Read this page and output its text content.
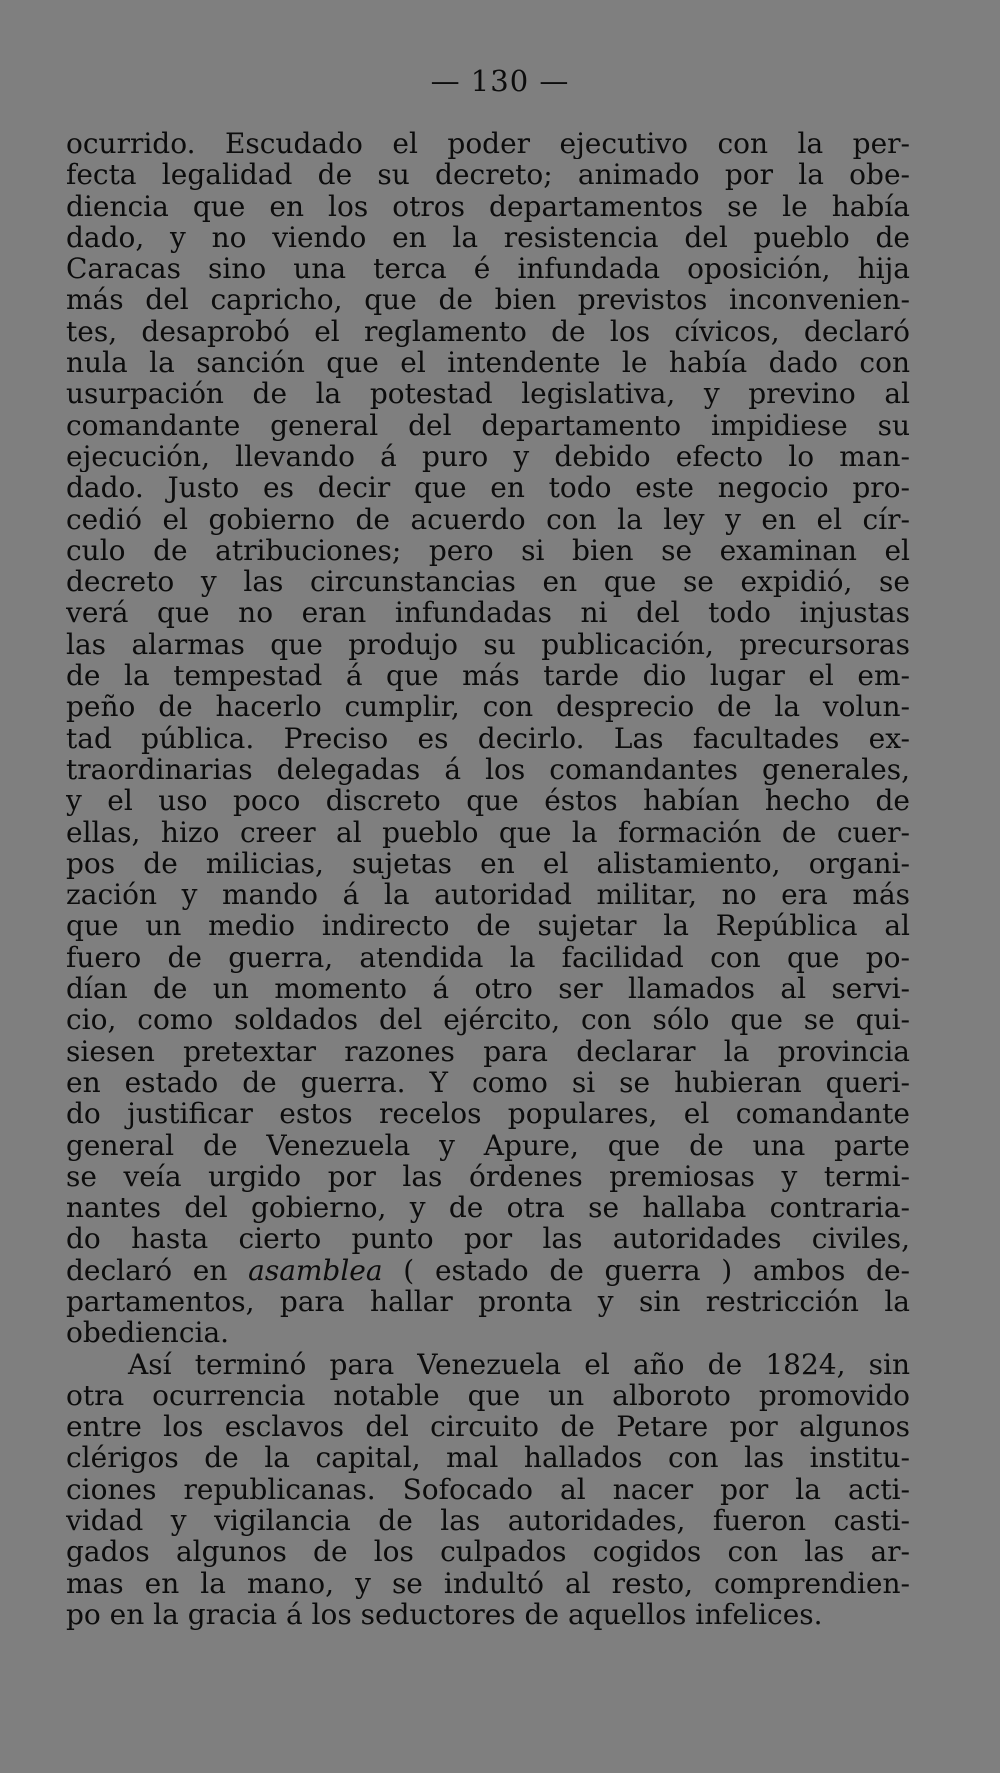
— 130 —
ocurrido. Escudado el poder ejecutivo con la per-
fecta legalidad de su decreto; animado por la obe-
diencia que en los otros departamentos se le había
dado, y no viendo en la resistencia del pueblo de
Caracas sino una terca é infundada oposición, hija
más del capricho, que de bien previstos inconvenien-
tes, desaprobó el reglamento de los cívicos, declaró
nula la sanción que el intendente le había dado con
usurpación de la potestad legislativa, y previno al
comandante general del departamento impidiese su
ejecución, llevando á puro y debido efecto lo man-
dado. Justo es decir que en todo este negocio pro-
cedió el gobierno de acuerdo con la ley y en el cír-
culo de atribuciones; pero si bien se examinan el
decreto y las circunstancias en que se expidió, se
verá que no eran infundadas ni del todo injustas
las alarmas que produjo su publicación, precursoras
de la tempestad á que más tarde dio lugar el em-
peño de hacerlo cumplir, con desprecio de la volun-
tad pública. Preciso es decirlo. Las facultades ex-
traordinarias delegadas á los comandantes generales,
y el uso poco discreto que éstos habían hecho de
ellas, hizo creer al pueblo que la formación de cuer-
pos de milicias, sujetas en el alistamiento, organi-
zación y mando á la autoridad militar, no era más
que un medio indirecto de sujetar la República al
fuero de guerra, atendida la facilidad con que po-
dían de un momento á otro ser llamados al servi-
cio, como soldados del ejército, con sólo que se qui-
siesen pretextar razones para declarar la provincia
en estado de guerra. Y como si se hubieran queri-
do justificar estos recelos populares, el comandante
general de Venezuela y Apure, que de una parte
se veía urgido por las órdenes premiosas y termi-
nantes del gobierno, y de otra se hallaba contraria-
do hasta cierto punto por las autoridades civiles,
declaró en asamblea ( estado de guerra ) ambos de-
partamentos, para hallar pronta y sin restricción la
obediencia.
Así terminó para Venezuela el año de 1824, sin
otra ocurrencia notable que un alboroto promovido
entre los esclavos del circuito de Petare por algunos
clérigos de la capital, mal hallados con las institu-
ciones republicanas. Sofocado al nacer por la acti-
vidad y vigilancia de las autoridades, fueron casti-
gados algunos de los culpados cogidos con las ar-
mas en la mano, y se indultó al resto, comprendien-
po en la gracia á los seductores de aquellos infelices.
